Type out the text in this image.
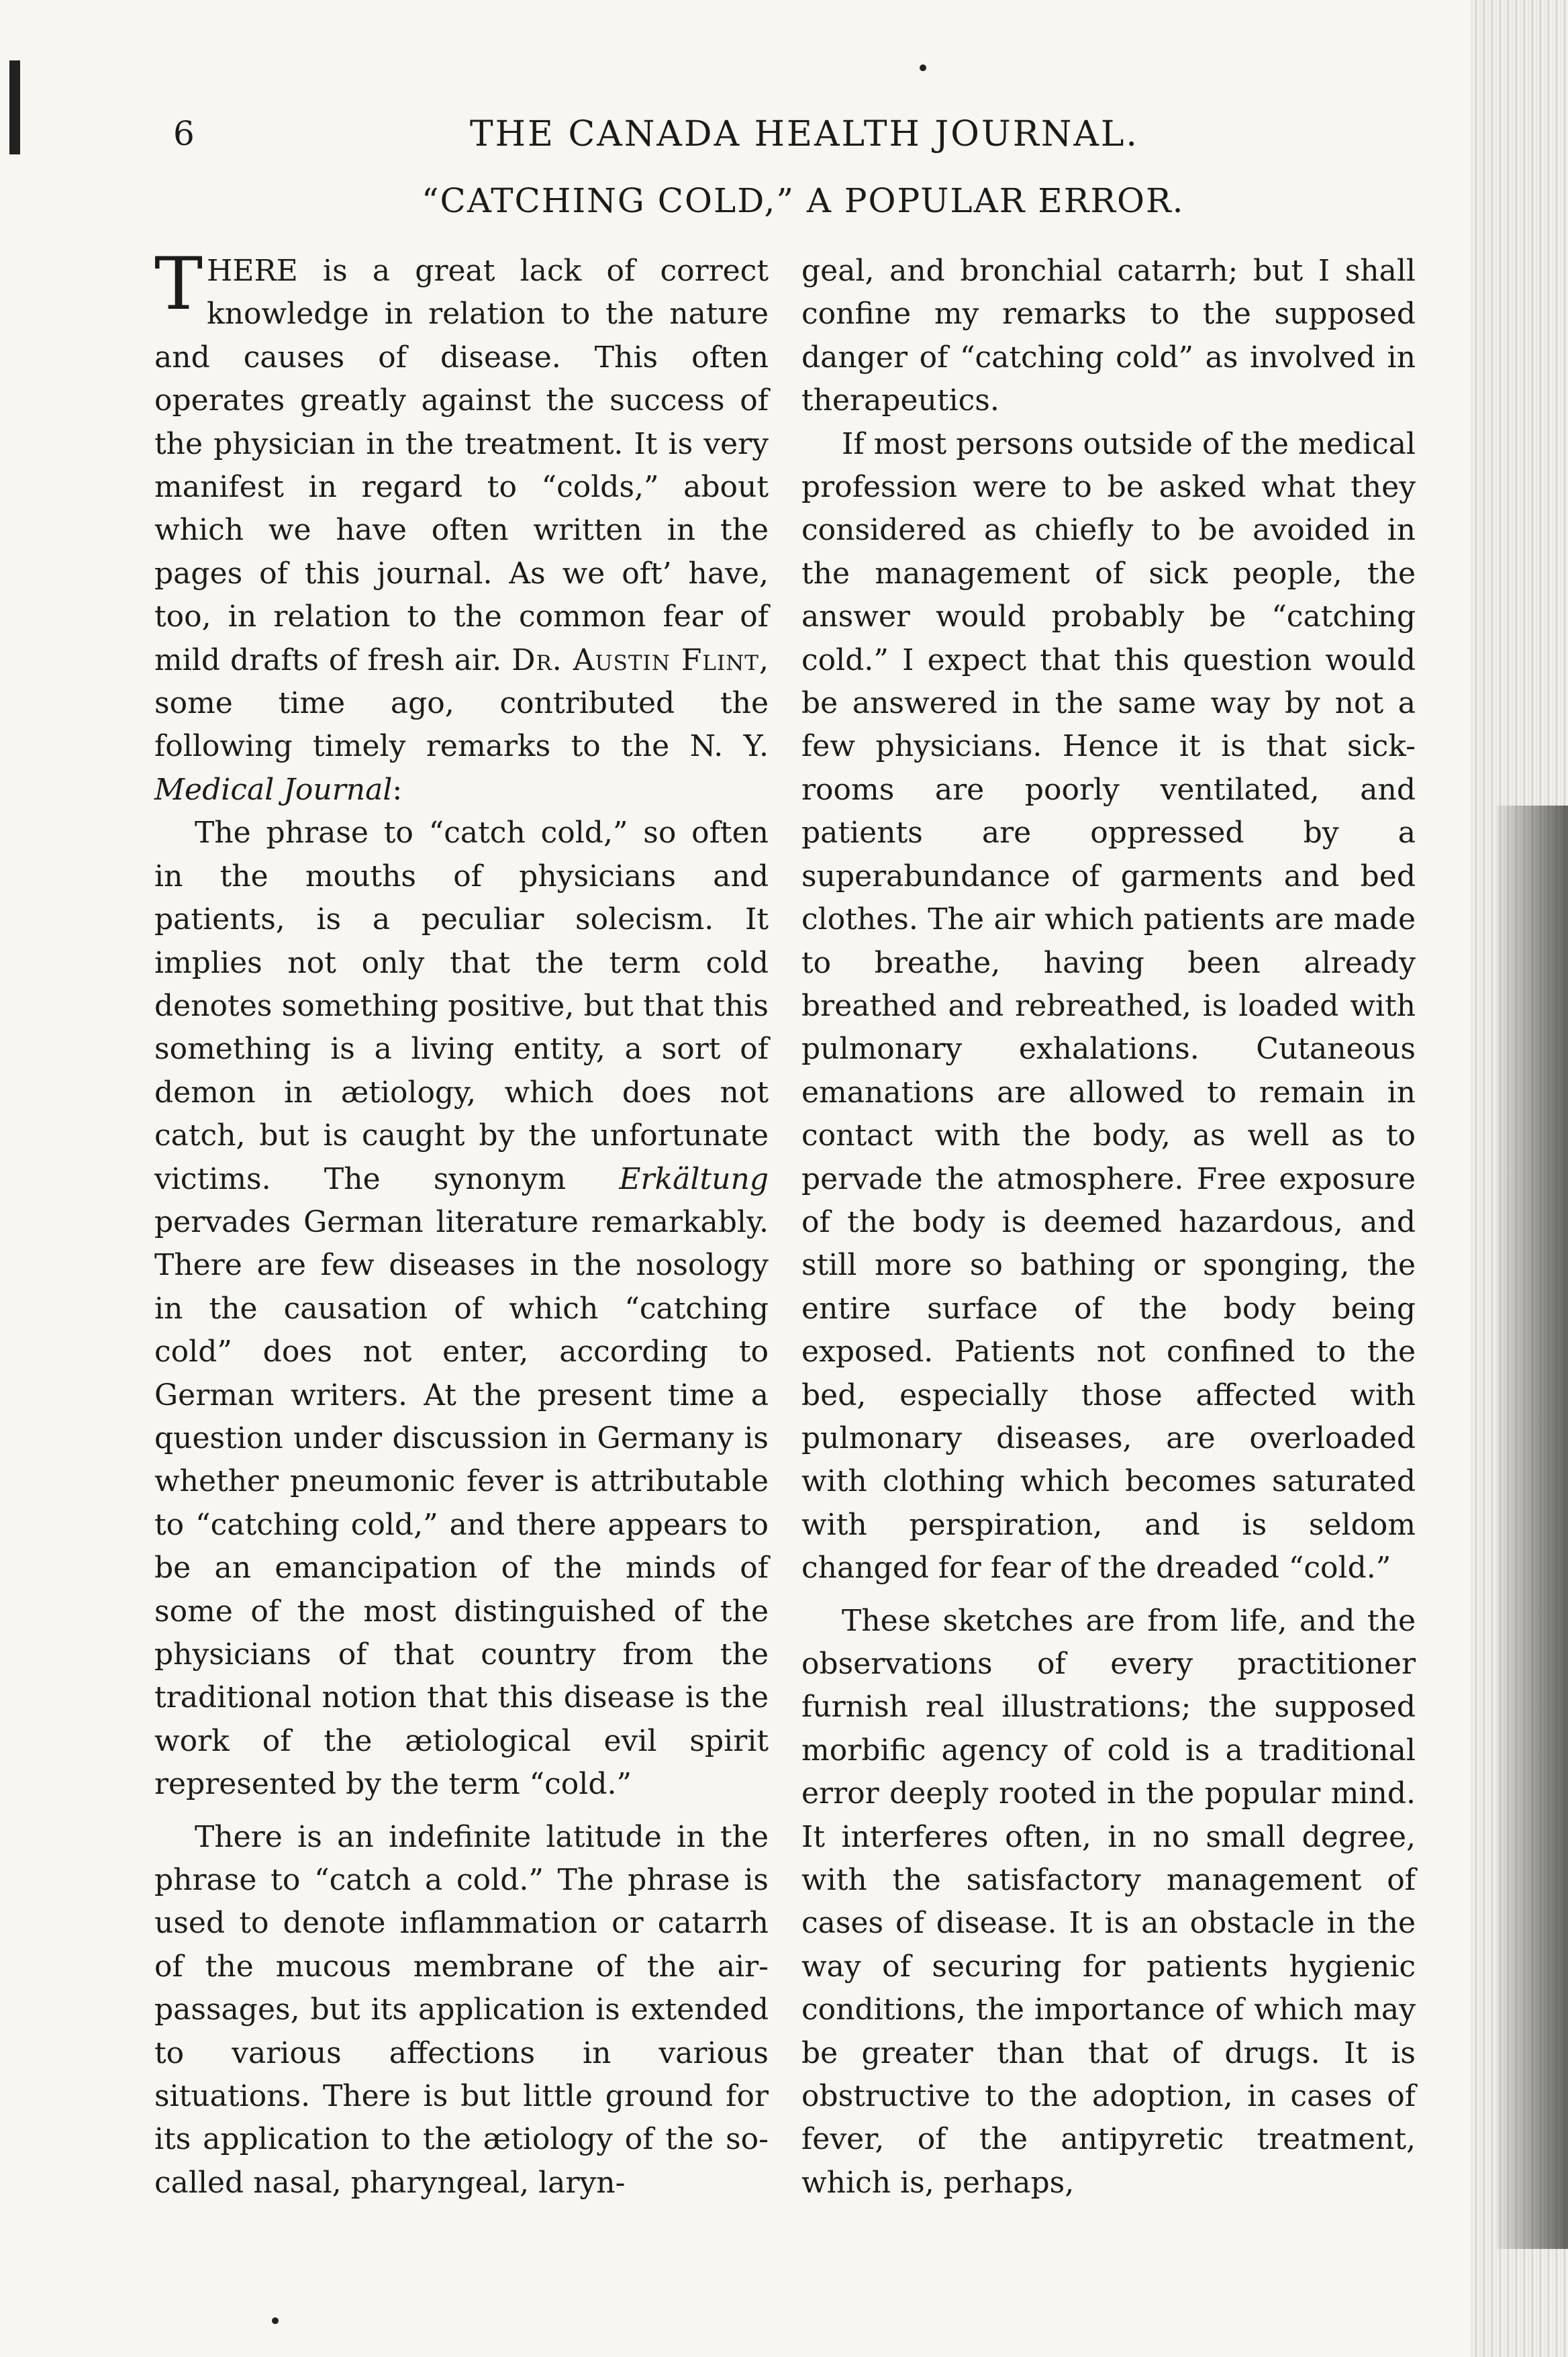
6	THE CANADA HEALTH JOURNAL.
“CATCHING COLD,” A POPULAR ERROR.

THERE is a great lack of correct knowledge in relation to the nature and causes of disease. This often operates greatly against the success of the physician in the treatment. It is very manifest in regard to “colds,” about which we have often written in the pages of this journal. As we oft’ have, too, in relation to the common fear of mild drafts of fresh air. Dr. Austin Flint, some time ago, contributed the following timely remarks to the N. Y. Medical Journal:

The phrase to “catch cold,” so often in the mouths of physicians and patients, is a peculiar solecism. It implies not only that the term cold denotes something positive, but that this something is a living entity, a sort of demon in ætiology, which does not catch, but is caught by the unfortunate victims. The synonym Erkältung pervades German literature remarkably. There are few diseases in the nosology in the causation of which “catching cold” does not enter, according to German writers. At the present time a question under discussion in Germany is whether pneumonic fever is attributable to “catching cold,” and there appears to be an emancipation of the minds of some of the most distinguished of the physicians of that country from the traditional notion that this disease is the work of the ætiological evil spirit represented by the term “cold.”

There is an indefinite latitude in the phrase to “catch a cold.” The phrase is used to denote inflammation or catarrh of the mucous membrane of the air-passages, but its application is extended to various affections in various situations. There is but little ground for its application to the ætiology of the so-called nasal, pharyngeal, laryn-

geal, and bronchial catarrh; but I shall confine my remarks to the supposed danger of “catching cold” as involved in therapeutics.

If most persons outside of the medical profession were to be asked what they considered as chiefly to be avoided in the management of sick people, the answer would probably be “catching cold.” I expect that this question would be answered in the same way by not a few physicians. Hence it is that sick-rooms are poorly ventilated, and patients are oppressed by a superabundance of garments and bed clothes. The air which patients are made to breathe, having been already breathed and rebreathed, is loaded with pulmonary exhalations. Cutaneous emanations are allowed to remain in contact with the body, as well as to pervade the atmosphere. Free exposure of the body is deemed hazardous, and still more so bathing or sponging, the entire surface of the body being exposed. Patients not confined to the bed, especially those affected with pulmonary diseases, are overloaded with clothing which becomes saturated with perspiration, and is seldom changed for fear of the dreaded “cold.”

These sketches are from life, and the observations of every practitioner furnish real illustrations; the supposed morbific agency of cold is a traditional error deeply rooted in the popular mind. It interferes often, in no small degree, with the satisfactory management of cases of disease. It is an obstacle in the way of securing for patients hygienic conditions, the importance of which may be greater than that of drugs. It is obstructive to the adoption, in cases of fever, of the antipyretic treatment, which is, perhaps,
